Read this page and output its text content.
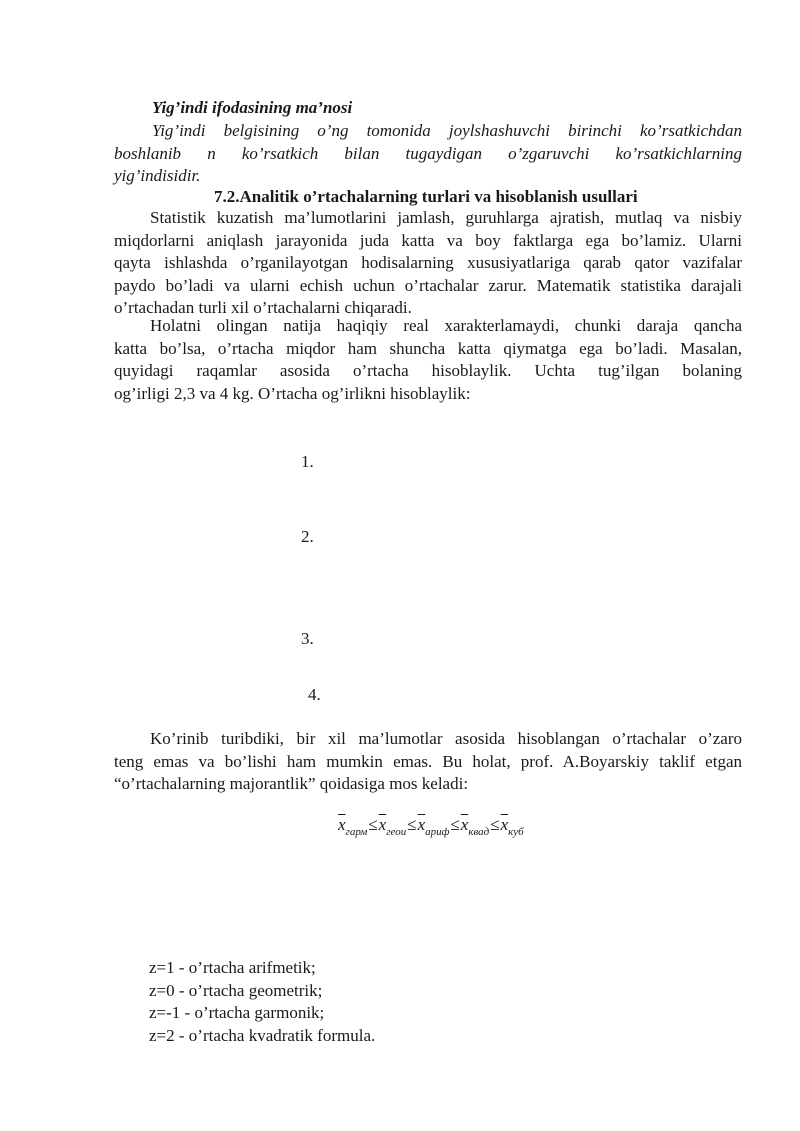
Yig’indi ifodasining ma’nosi
Yig’indi belgisining o’ng tomonida joylshashuvchi birinchi ko’rsatkichdan
boshlanib n ko’rsatkich bilan tugaydigan o’zgaruvchi ko’rsatkichlarning
yig’indisidir.
7.2.Analitik o’rtachalarning turlari va hisoblanish usullari
Statistik kuzatish ma’lumotlarini jamlash, guruhlarga ajratish, mutlaq va nisbiy
miqdorlarni aniqlash jarayonida juda katta va boy faktlarga ega bo’lamiz. Ularni
qayta ishlashda o’rganilayotgan hodisalarning xususiyatlariga qarab qator vazifalar
paydo bo’ladi va ularni echish uchun o’rtachalar zarur. Matematik statistika darajali
o’rtachadan turli xil o’rtachalarni chiqaradi.
Holatni olingan natija haqiqiy real xarakterlamaydi, chunki daraja qancha
katta bo’lsa, o’rtacha miqdor ham shuncha katta qiymatga ega bo’ladi. Masalan,
quyidagi raqamlar asosida o’rtacha hisoblaylik. Uchta tug’ilgan bolaning
og’irligi 2,3 va 4 kg. O’rtacha og’irlikni hisoblaylik:
1.
2.
3.
4.
Ko’rinib turibdiki, bir xil ma’lumotlar asosida hisoblangan o’rtachalar o’zaro
teng emas va bo’lishi ham mumkin emas. Bu holat, prof. A.Boyarskiy taklif etgan
“o’rtachalarning majorantlik” qoidasiga mos keladi:
$\overline{x}_{гарм}\le\overline{x}_{геои}\le\overline{x}_{ариф}\le\overline{x}_{квад}\le\overline{x}_{куб}$
z=1 - o’rtacha arifmetik;
z=0 - o’rtacha geometrik;
z=-1 - o’rtacha garmonik;
z=2 - o’rtacha kvadratik formula.
